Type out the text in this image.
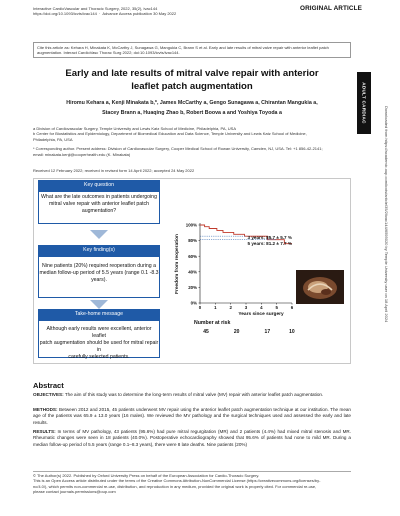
Interactive CardioVascular and Thoracic Surgery, 2022, 35(2), ivac144
https://doi.org/10.1093/icvts/ivac144  ·  Advance Access publication 30 May 2022
ORIGINAL ARTICLE
Cite this article as: Kehara H, Minakata K, McCarthy J, Sunagawa G, Mangukia C, Brann S et al. Early and late results of mitral valve repair with anterior leaflet patch augmentation. Interact CardioVasc Thorac Surg 2022; doi:10.1093/icvts/ivac144.
Early and late results of mitral valve repair with anterior
leaflet patch augmentation
Hiromu Kehara a, Kenji Minakata b,*, James McCarthy a, Gengo Sunagawa a, Chirantan Mangukia a,
Stacey Brann a, Huaqing Zhao b, Robert Boova a and Yoshiya Toyoda a
a Division of Cardiovascular Surgery, Temple University and Lewis Katz School of Medicine, Philadelphia, PA, USA
b Center for Biostatistics and Epidemiology, Department of Biomedical Education and Data Science, Temple University and Lewis Katz School of Medicine,
Philadelphia, PA, USA
* Corresponding author. Present address: Division of Cardiovascular Surgery, Cooper Medical School of Rowan University, Camden, NJ, USA. Tel: +1 856-42-2141;
email: minakata.kenji@cooperhealth.edu (K. Minakata)
Received 12 February 2022; received in revised form 14 April 2022; accepted 24 May 2022
ADULT CARDIAC
Downloaded from https://academic.oup.com/icvts/article/35/2/ivac144/6595020 by Temple University user on 18 April 2024
Key question
What are the late outcomes in patients undergoing
mitral valve repair with anterior leaflet patch
augmentation?
Key finding(s)
Nine patients (20%) required reoperation during a
median follow-up period of 5.5 years (range 0.1 -8.3
years).
Take-home message
Although early results were excellent, anterior leaflet
patch augmentation should be used for mitral repair in
carefully selected patients.
Freedom from reoperation
0%
20%
40%
60%
80%
100%
0	1	2	3	4	5	6
Years since surgery
3 years: 85.7 ± 5.7 %
5 years: 81.2 ± 7.7 %
Number at risk
45	20	17	10
Abstract
OBJECTIVES: The aim of this study was to determine the long-term results of mitral valve (MV) repair with anterior leaflet patch augmentation.
METHODS: Between 2012 and 2015, 45 patients underwent MV repair using the anterior leaflet patch augmentation technique at our institution. The mean age of the patients was 65.9 ± 13.0 years (16 males). We reviewed the MV pathology and the surgical techniques used and assessed the early and late results.
RESULTS: In terms of MV pathology, 43 patients (95.6%) had pure mitral regurgitation (MR) and 2 patients (4.4%) had mixed mitral stenosis and MR. Rheumatic changes were seen in 18 patients (40.0%). Postoperative echocardiography showed that 95.6% of patients had none to mild MR. During a median follow-up period of 5.5 years (range 0.1–8.3 years), there were 8 late deaths. Nine patients (20%)
© The Author(s) 2022. Published by Oxford University Press on behalf of the European Association for Cardio-Thoracic Surgery.
This is an Open Access article distributed under the terms of the Creative Commons Attribution-NonCommercial License (https://creativecommons.org/licenses/by-
nc/4.0/), which permits non-commercial re-use, distribution, and reproduction in any medium, provided the original work is properly cited. For commercial re-use,
please contact journals.permissions@oup.com
